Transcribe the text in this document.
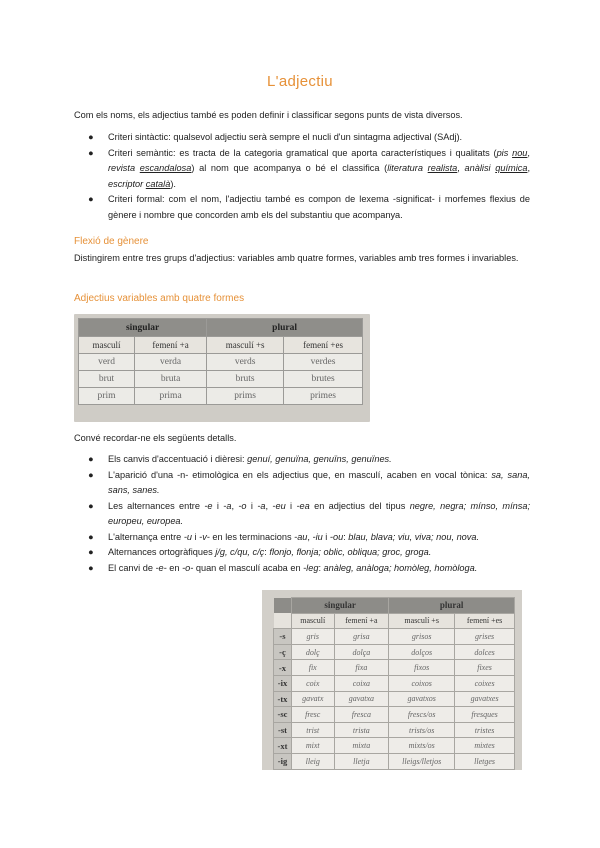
L'adjectiu
Com els noms, els adjectius també es poden definir i classificar segons punts de vista diversos.
● Criteri sintàctic: qualsevol adjectiu serà sempre el nucli d'un sintagma adjectival (SAdj).
● Criteri semàntic: es tracta de la categoria gramatical que aporta característiques i qualitats (pis nou, revista escandalosa) al nom que acompanya o bé el classifica (literatura realista, anàlisi química, escriptor català).
● Criteri formal: com el nom, l'adjectiu també es compon de lexema -significat- i morfemes flexius de gènere i nombre que concorden amb els del substantiu que acompanya.
Flexió de gènere
Distingirem entre tres grups d'adjectius: variables amb quatre formes, variables amb tres formes i invariables.
Adjectius variables amb quatre formes
singular		plural	
masculí	femení +a	masculí +s	femení +es
verd	verda	verds	verdes
brut	bruta	bruts	brutes
prim	prima	prims	primes
Convé recordar-ne els següents detalls.
● Els canvis d'accentuació i dièresi: genuí, genuïna, genuïns, genuïnes.
● L'aparició d'una -n- etimològica en els adjectius que, en masculí, acaben en vocal tònica: sa, sana, sans, sanes.
● Les alternances entre -e i -a, -o i -a, -eu i -ea en adjectius del tipus negre, negra; mínso, mínsa; europeu, europea.
● L'alternança entre -u i -v- en les terminacions -au, -iu i -ou: blau, blava; viu, viva; nou, nova.
● Alternances ortogràfiques j/g, c/qu, c/ç: flonjo, flonja; oblic, obliqua; groc, groga.
● El canvi de -e- en -o- quan el masculí acaba en -leg: anàleg, anàloga; homòleg, homòloga.
	singular		plural	
	masculí	femení +a	masculí +s	femení +es
-s	gris	grisa	grisos	grises
-ç	dolç	dolça	dolços	dolces
-x	fix	fixa	fixos	fixes
-ix	coix	coixa	coixos	coixes
-tx	gavatx	gavatxa	gavatxos	gavatxes
-sc	fresc	fresca	frescs/os	fresques
-st	trist	trista	trists/os	tristes
-xt	mixt	mixta	mixts/os	mixtes
-ig	lleig	lletja	lleigs/lletjos	lletges
